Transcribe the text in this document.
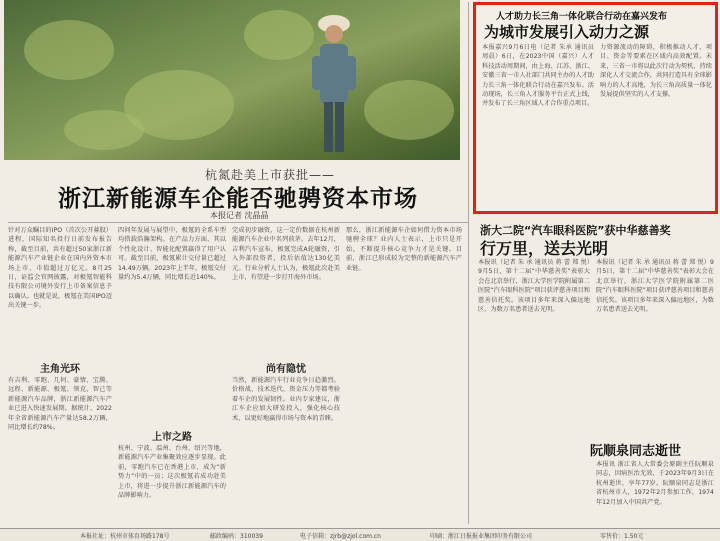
杭氮赴美上市获批——
浙江新能源车企能否驰骋资本市场
本报记者 沈晶晶
针对万众瞩目的IPO（首次公开募股）进程，国际知名投行日前发布报告称，截至目前，共有超过50家浙江新能源汽车产业链企业在国内外资本市场上市，市值超过万亿元。8月25日，证监会官网披露，对极氪智能科技有限公司境外发行上市备案信息予以确认。也就是说，极氪在美国IPO迈出关键一步。
主角光环
有吉利、零跑、几何、豪情、宝腾、远程、新能源、极氪、领克、智己等新能源汽车品牌，浙江新能源汽车产业已进入快速发展期。据统计，2022年全省新能源汽车产量达58.2万辆，同比增长约78%。
四问年发展与展望中，极氪的全系车型均搭载浩瀚架构。在产品力方面，其以个性化设计、智能化配置赢得了用户认可。截至目前，极氪累计交付量已超过14.49万辆。2023年上半年，极氪交付量约为5.4万辆，同比增长近140%。
上市之路
杭州、宁波、温州、台州、绍兴等地，新能源汽车产业集聚效应逐步显现。此前，零跑汽车已在香港上市，成为“新势力”中的一员；这次极氪若成功赴美上市，将进一步提升浙江新能源汽车的品牌影响力。
完成初步融资，这一定价数据在杭州新能源汽车企业中名列前茅。去年12月，吉利汽车宣布，极氪完成A轮融资，引入外部投资者，投后估值达130亿美元。行业分析人士认为，极氪此次赴美上市，有望进一步打开海外市场。
尚有隐忧
当然，新能源汽车行业竞争日趋激烈。价格战、技术迭代、资金压力等都考验着车企的发展韧性。业内专家建议，浙江车企应加大研发投入，强化核心技术，以更好地赢得市场与资本的青睐。
那么，浙江新能源车企如何借力资本市场驰骋全球？业内人士表示，上市只是开始，不断提升核心竞争力才是关键。目前，浙江已形成较为完整的新能源汽车产业链。
人才助力长三角一体化联合行动在嘉兴发布
为城市发展引入动力之源
本报嘉兴9月6日电（记者 朱承 通讯员 周晨）6日，在2023中国（嘉兴）人才科技活动周期间，由上海、江苏、浙江、安徽三省一市人社部门共同主办的人才助力长三角一体化联合行动在嘉兴发布。活动现场，长三角人才服务平台正式上线，并发布了长三角区域人才合作重点项目。
力资源流动的障碍，积极推动人才、项目、资金等要素在区域内高效配置。未来，三省一市将以此次行动为契机，持续深化人才交流合作，共同打造具有全球影响力的人才高地，为长三角高质量一体化发展提供坚实的人才支撑。
浙大二院“汽车眼科医院”获中华慈善奖
行万里，送去光明
本报讯（记者 朱 承 通讯员 蒋 蕾 郑 悦）9月5日，第十二届“中华慈善奖”表彰大会在北京举行，浙江大学医学院附属第二医院“汽车眼科医院”项目获评慈善项目和慈善信托奖。该项目多年来深入偏远地区，为数万名患者送去光明。
本报讯（记者 朱 承 通讯员 蒋 蕾 郑 悦）9月5日，第十二届“中华慈善奖”表彰大会在北京举行，浙江大学医学院附属第二医院“汽车眼科医院”项目获评慈善项目和慈善信托奖。该项目多年来深入偏远地区，为数万名患者送去光明。
阮顺泉同志逝世
本报讯 浙江省人大常委会原副主任阮顺泉同志，因病医治无效，于2023年9月3日在杭州逝世，享年77岁。阮顺泉同志是浙江省杭州市人，1972年2月参加工作，1974年12月加入中国共产党。
本报社址：杭州市体育场路178号	邮政编码：310039	电子信箱：zjrb@zjol.com.cn	印刷：浙江日报报业集团印务有限公司	零售价：1.50元
